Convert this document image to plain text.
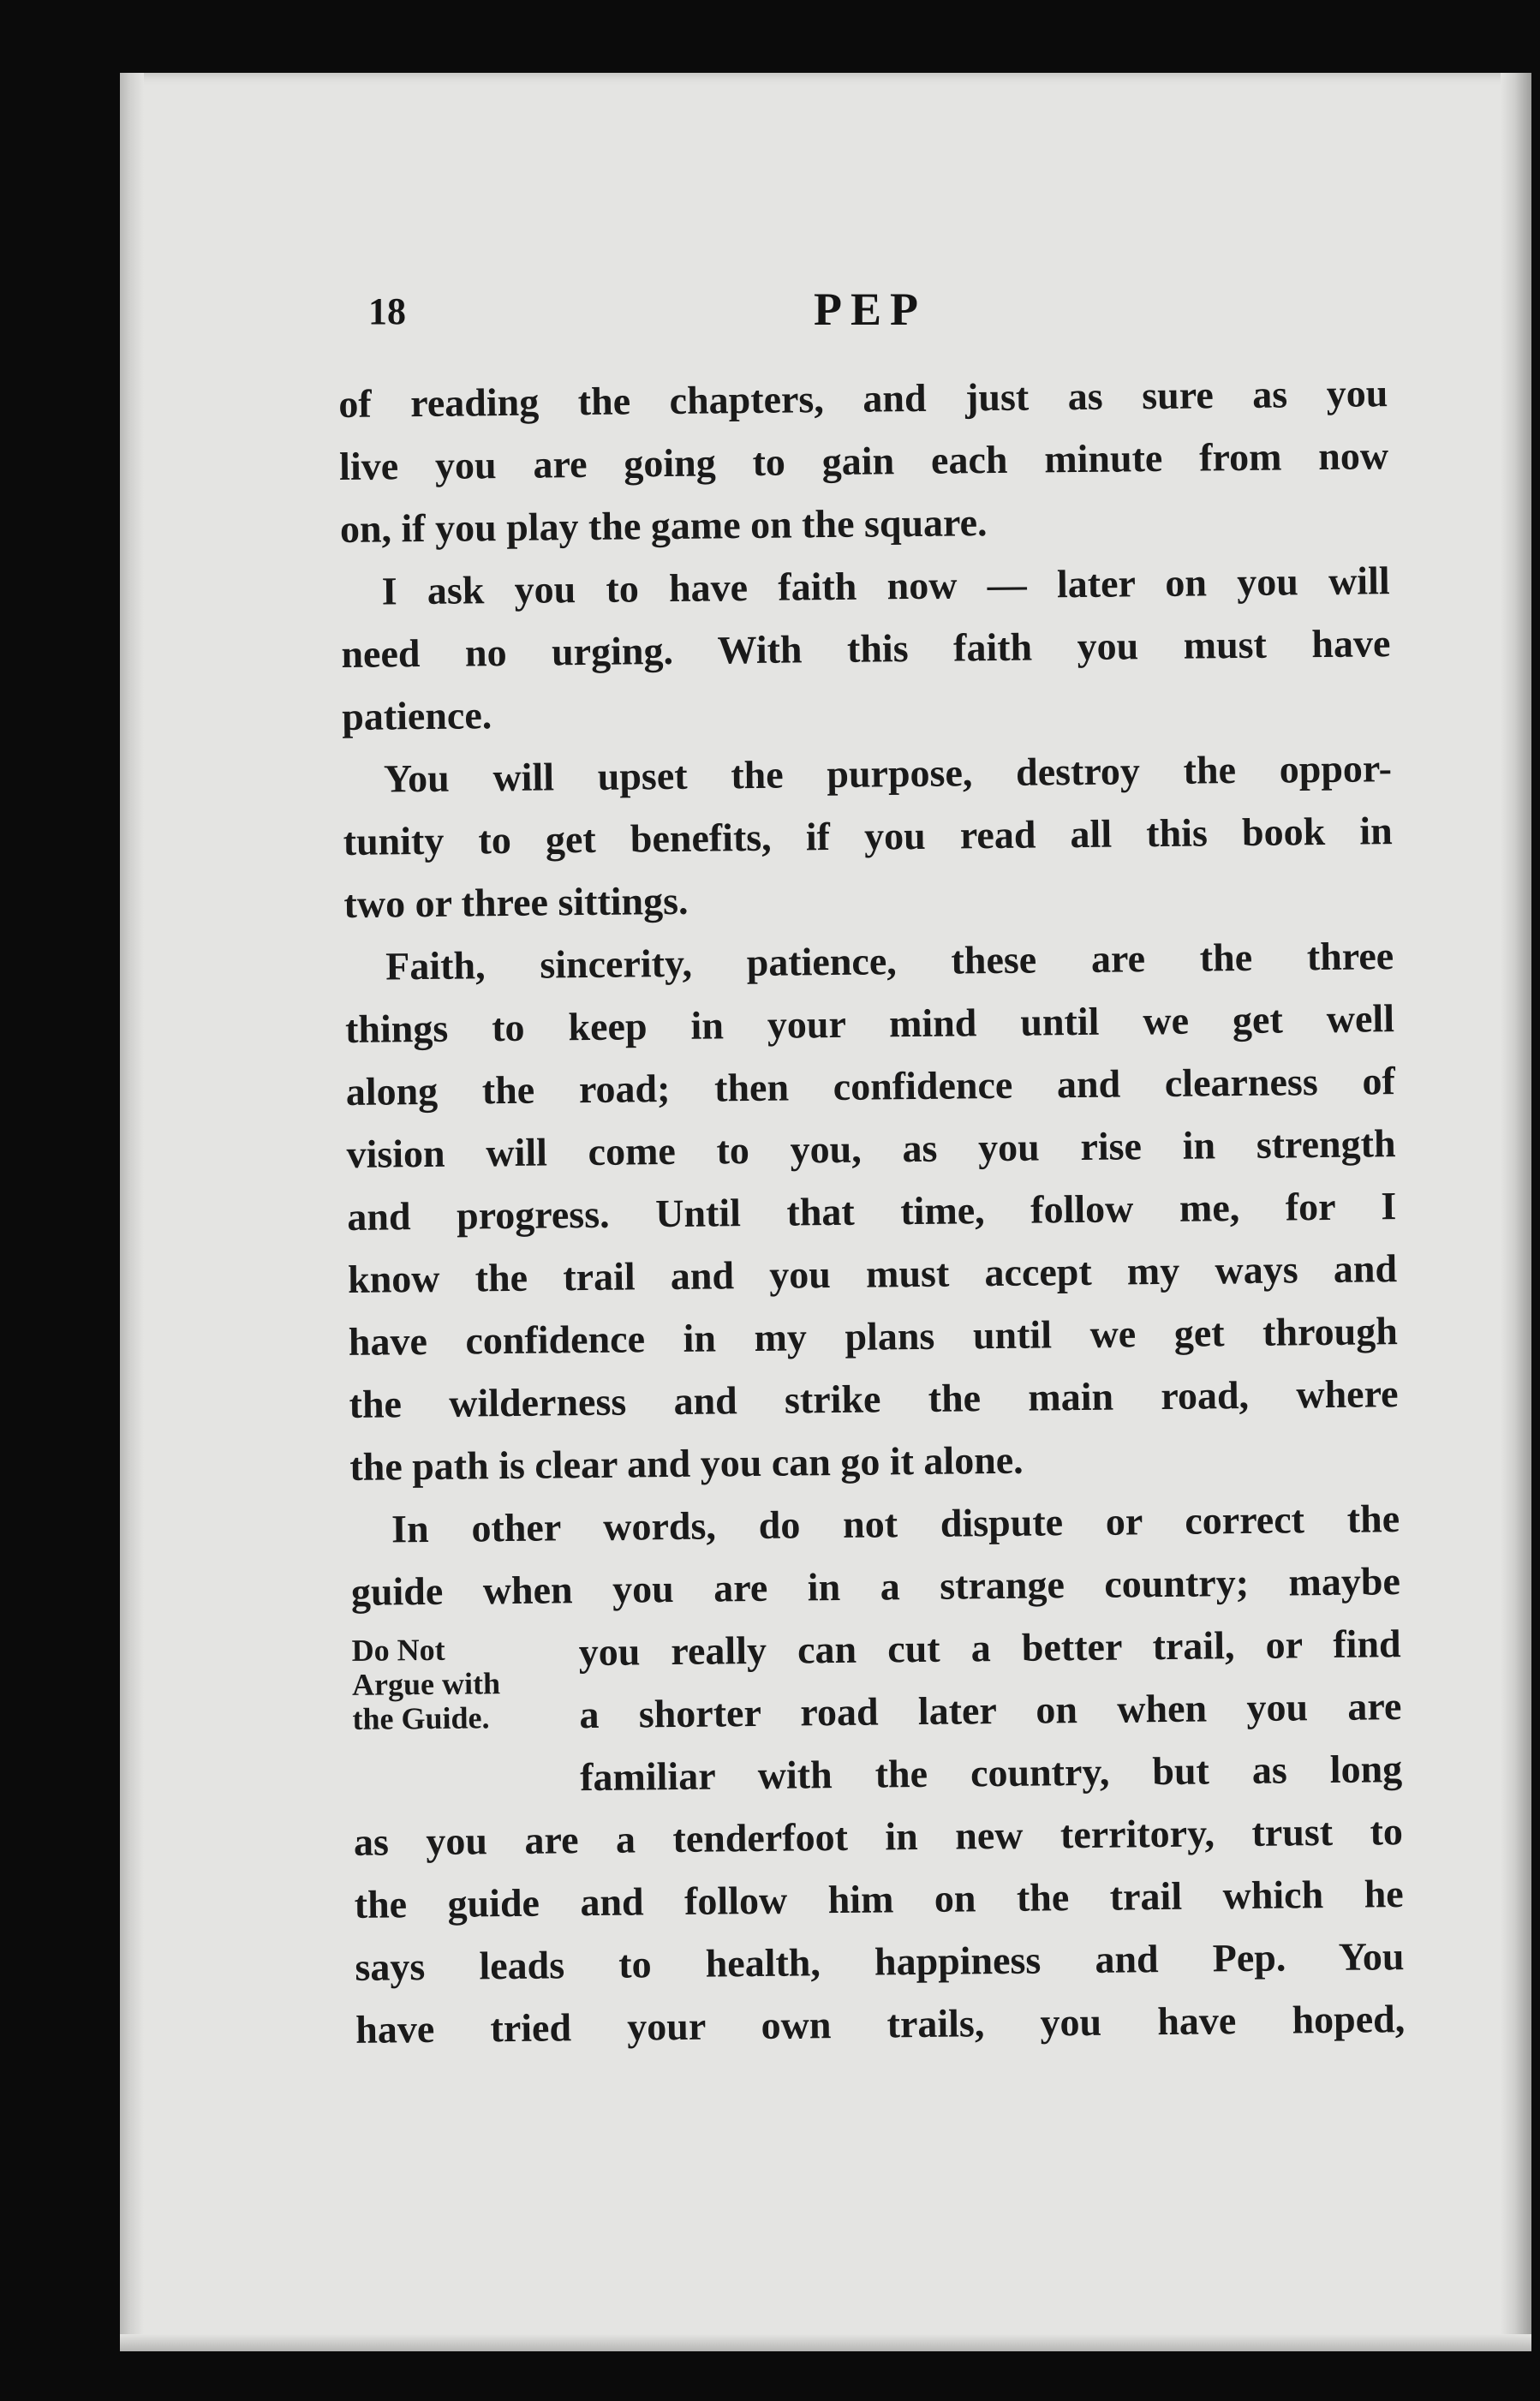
18	PEP
of reading the chapters, and just as sure as you
live you are going to gain each minute from now
on, if you play the game on the square.
I ask you to have faith now — later on you will
need no urging. With this faith you must have
patience.
You will upset the purpose, destroy the oppor-
tunity to get benefits, if you read all this book in
two or three sittings.
Faith, sincerity, patience, these are the three
things to keep in your mind until we get well
along the road; then confidence and clearness of
vision will come to you, as you rise in strength
and progress. Until that time, follow me, for I
know the trail and you must accept my ways and
have confidence in my plans until we get through
the wilderness and strike the main road, where
the path is clear and you can go it alone.
In other words, do not dispute or correct the
guide when you are in a strange country; maybe
Do Not
Argue with
the Guide.
you really can cut a better trail, or find
a shorter road later on when you are
familiar with the country, but as long
as you are a tenderfoot in new territory, trust to
the guide and follow him on the trail which he
says leads to health, happiness and Pep. You
have tried your own trails, you have hoped,
